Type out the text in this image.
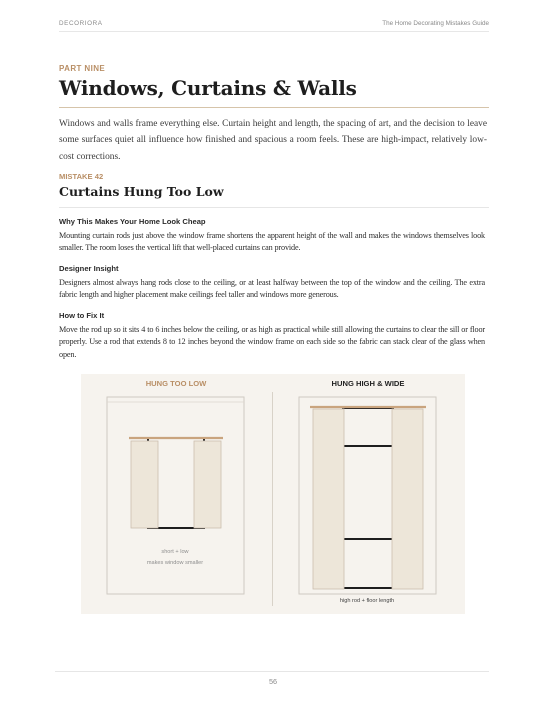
DECORIORA	The Home Decorating Mistakes Guide
PART NINE
Windows, Curtains & Walls

Windows and walls frame everything else. Curtain height and length, the spacing of art, and the decision to leave some surfaces quiet all influence how finished and spacious a room feels. These are high-impact, relatively low-cost corrections.

MISTAKE 42
Curtains Hung Too Low
Why This Makes Your Home Look Cheap

Mounting curtain rods just above the window frame shortens the apparent height of the wall and makes the windows themselves look smaller. The room loses the vertical lift that well-placed curtains can provide.

Designer Insight

Designers almost always hang rods close to the ceiling, or at least halfway between the top of the window and the ceiling. The extra fabric length and higher placement make ceilings feel taller and windows more generous.

How to Fix It

Move the rod up so it sits 4 to 6 inches below the ceiling, or as high as practical while still allowing the curtains to clear the sill or floor properly. Use a rod that extends 8 to 12 inches beyond the window frame on each side so the fabric can stack clear of the glass when open.

HUNG TOO LOW	HUNG HIGH & WIDE
short + low
makes window smaller
high rod + floor length
56
